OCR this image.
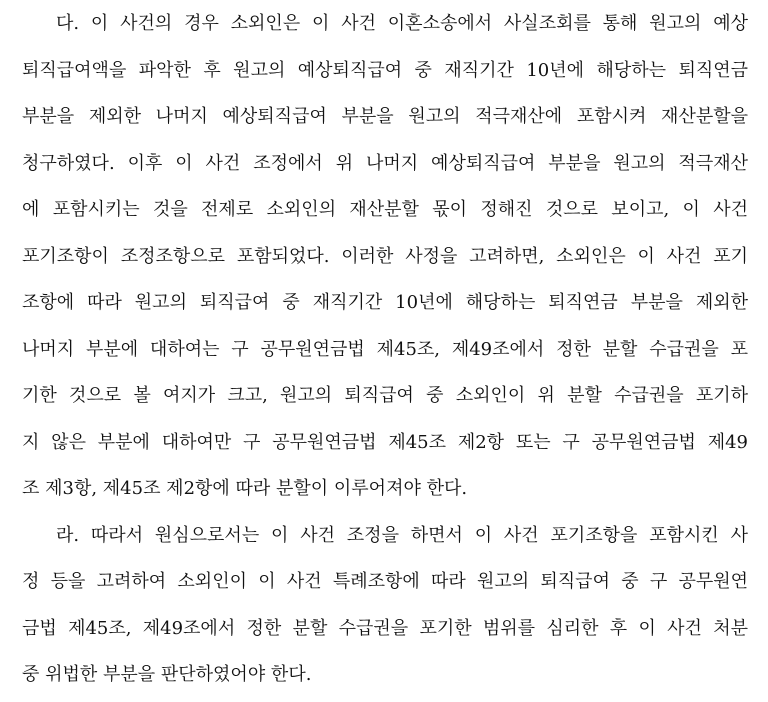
다. 이 사건의 경우 소외인은 이 사건 이혼소송에서 사실조회를 통해 원고의 예상
퇴직급여액을 파악한 후 원고의 예상퇴직급여 중 재직기간 10년에 해당하는 퇴직연금
부분을 제외한 나머지 예상퇴직급여 부분을 원고의 적극재산에 포함시켜 재산분할을
청구하였다. 이후 이 사건 조정에서 위 나머지 예상퇴직급여 부분을 원고의 적극재산
에 포함시키는 것을 전제로 소외인의 재산분할 몫이 정해진 것으로 보이고, 이 사건
포기조항이 조정조항으로 포함되었다. 이러한 사정을 고려하면, 소외인은 이 사건 포기
조항에 따라 원고의 퇴직급여 중 재직기간 10년에 해당하는 퇴직연금 부분을 제외한
나머지 부분에 대하여는 구 공무원연금법 제45조, 제49조에서 정한 분할 수급권을 포
기한 것으로 볼 여지가 크고, 원고의 퇴직급여 중 소외인이 위 분할 수급권을 포기하
지 않은 부분에 대하여만 구 공무원연금법 제45조 제2항 또는 구 공무원연금법 제49
조 제3항, 제45조 제2항에 따라 분할이 이루어져야 한다.
라. 따라서 원심으로서는 이 사건 조정을 하면서 이 사건 포기조항을 포함시킨 사
정 등을 고려하여 소외인이 이 사건 특례조항에 따라 원고의 퇴직급여 중 구 공무원연
금법 제45조, 제49조에서 정한 분할 수급권을 포기한 범위를 심리한 후 이 사건 처분
중 위법한 부분을 판단하였어야 한다.
